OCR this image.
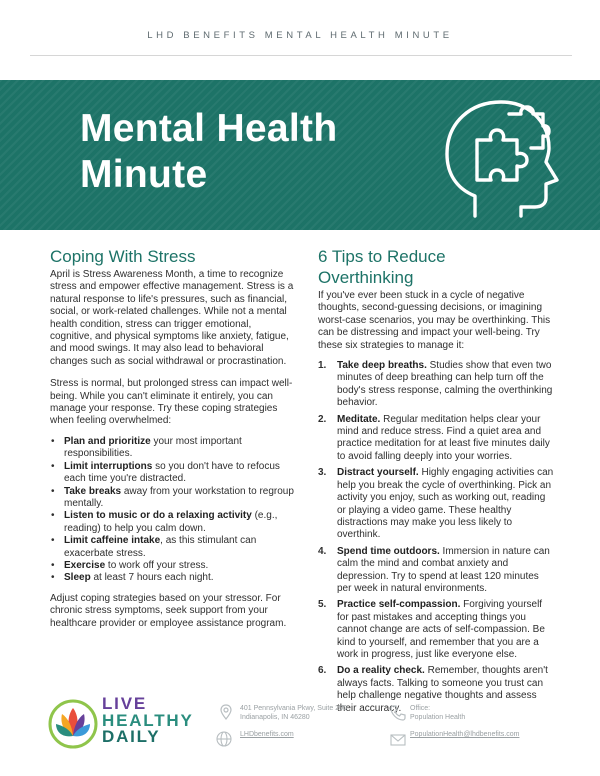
LHD BENEFITS MENTAL HEALTH MINUTE
Mental Health
Minute
Coping With Stress

April is Stress Awareness Month, a time to recognize stress and empower effective management. Stress is a natural response to life's pressures, such as financial, social, or work-related challenges. While not a mental health condition, stress can trigger emotional, cognitive, and physical symptoms like anxiety, fatigue, and mood swings. It may also lead to behavioral changes such as social withdrawal or procrastination.

Stress is normal, but prolonged stress can impact well-being. While you can't eliminate it entirely, you can manage your response. Try these coping strategies when feeling overwhelmed:

• Plan and prioritize your most important responsibilities.
• Limit interruptions so you don't have to refocus each time you're distracted.
• Take breaks away from your workstation to regroup mentally.
• Listen to music or do a relaxing activity (e.g., reading) to help you calm down.
• Limit caffeine intake, as this stimulant can exacerbate stress.
• Exercise to work off your stress.
• Sleep at least 7 hours each night.

Adjust coping strategies based on your stressor. For chronic stress symptoms, seek support from your healthcare provider or employee assistance program.

6 Tips to Reduce
Overthinking

If you've ever been stuck in a cycle of negative thoughts, second-guessing decisions, or imagining worst-case scenarios, you may be overthinking. This can be distressing and impact your well-being. Try these six strategies to manage it:

1. Take deep breaths. Studies show that even two minutes of deep breathing can help turn off the body's stress response, calming the overthinking behavior.
2. Meditate. Regular meditation helps clear your mind and reduce stress. Find a quiet area and practice meditation for at least five minutes daily to avoid falling deeply into your worries.
3. Distract yourself. Highly engaging activities can help you break the cycle of overthinking. Pick an activity you enjoy, such as working out, reading or playing a video game. These healthy distractions may make you less likely to overthink.
4. Spend time outdoors. Immersion in nature can calm the mind and combat anxiety and depression. Try to spend at least 120 minutes per week in natural environments.
5. Practice self-compassion. Forgiving yourself for past mistakes and accepting things you cannot change are acts of self-compassion. Be kind to yourself, and remember that you are a work in progress, just like everyone else.
6. Do a reality check. Remember, thoughts aren't always facts. Talking to someone you trust can help challenge negative thoughts and assess their accuracy.
LIVE
HEALTHY
DAILY
401 Pennsylvania Pkwy, Suite 200
Indianapolis, IN 46280
Office:
Population Health
LHDbenefits.com	PopulationHealth@lhdbenefits.com
